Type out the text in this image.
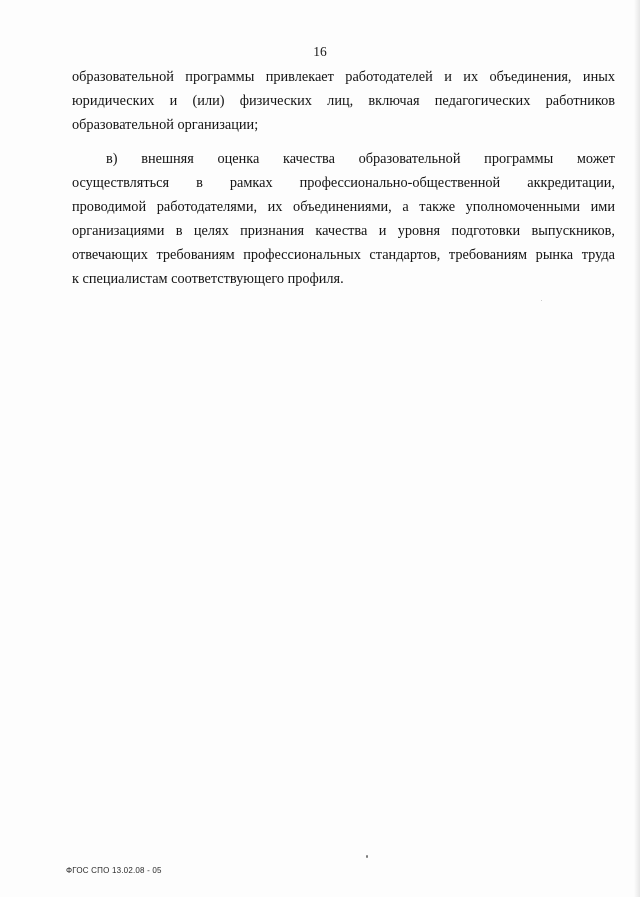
16

образовательной программы привлекает работодателей и их объединения, иных
юридических и (или) физических лиц, включая педагогических работников
образовательной организации;

в) внешняя оценка качества образовательной программы может
осуществляться в рамках профессионально-общественной аккредитации,
проводимой работодателями, их объединениями, а также уполномоченными ими
организациями в целях признания качества и уровня подготовки выпускников,
отвечающих требованиям профессиональных стандартов, требованиям рынка труда
к специалистам соответствующего профиля.

ФГОС СПО 13.02.08 - 05
